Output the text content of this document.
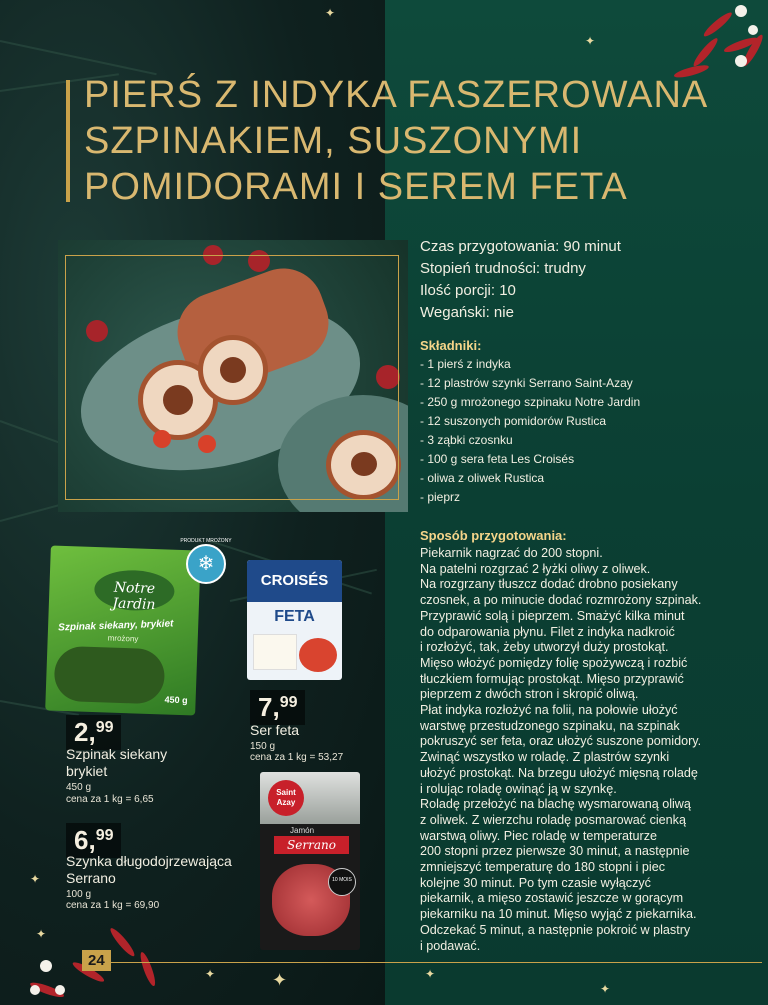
✦
✦
✦
✦
✦	✦	✦
✦
PIERŚ Z INDYKA FASZEROWANA
SZPINAKIEM, SUSZONYMI
POMIDORAMI I SEREM FETA
Czas przygotowania: 90 minut
Stopień trudności: trudny
Ilość porcji: 10
Wegański: nie
Składniki:
- 1 pierś z indyka
- 12 plastrów szynki Serrano Saint-Azay
- 250 g mrożonego szpinaku Notre Jardin
- 12 suszonych pomidorów Rustica
- 3 ząbki czosnku
- 100 g sera feta Les Croisés
- oliwa z oliwek Rustica
- pieprz
Sposób przygotowania:
Piekarnik nagrzać do 200 stopni.
Na patelni rozgrzać 2 łyżki oliwy z oliwek.
Na rozgrzany tłuszcz dodać drobno posiekany
czosnek, a po minucie dodać rozmrożony szpinak.
Przyprawić solą i pieprzem. Smażyć kilka minut
do odparowania płynu. Filet z indyka nadkroić
i rozłożyć, tak, żeby utworzył duży prostokąt.
Mięso włożyć pomiędzy folię spożywczą i rozbić
tłuczkiem formując prostokąt. Mięso przyprawić
pieprzem z dwóch stron i skropić oliwą.
Płat indyka rozłożyć na folii, na połowie ułożyć
warstwę przestudzonego szpinaku, na szpinak
pokruszyć ser feta, oraz ułożyć suszone pomidory.
Zwinąć wszystko w roladę. Z plastrów szynki
ułożyć prostokąt. Na brzegu ułożyć mięsną roladę
i rolując roladę owinąć ją w szynkę.
Roladę przełożyć na blachę wysmarowaną oliwą
z oliwek. Z wierzchu roladę posmarować cienką
warstwą oliwy. Piec roladę w temperaturze
200 stopni przez pierwsze 30 minut, a następnie
zmniejszyć temperaturę do 180 stopni i piec
kolejne 30 minut. Po tym czasie wyłączyć
piekarnik, a mięso zostawić jeszcze w gorącym
piekarniku na 10 minut. Mięso wyjąć z piekarnika.
Odczekać 5 minut, a następnie pokroić w plastry
i podawać.
Notre Jardin
Szpinak siekany, brykiet
mrożony
450 g
❄
PRODUKT MROŻONY
2,99
Szpinak siekany
brykiet
450 g
cena za 1 kg = 6,65
CROISÉS
FETA
7,99
Ser feta
150 g
cena za 1 kg = 53,27
Saint
Azay
Jamón
Serrano
10 MOIS
6,99
Szynka długodojrzewająca
Serrano
100 g
cena za 1 kg = 69,90
24
